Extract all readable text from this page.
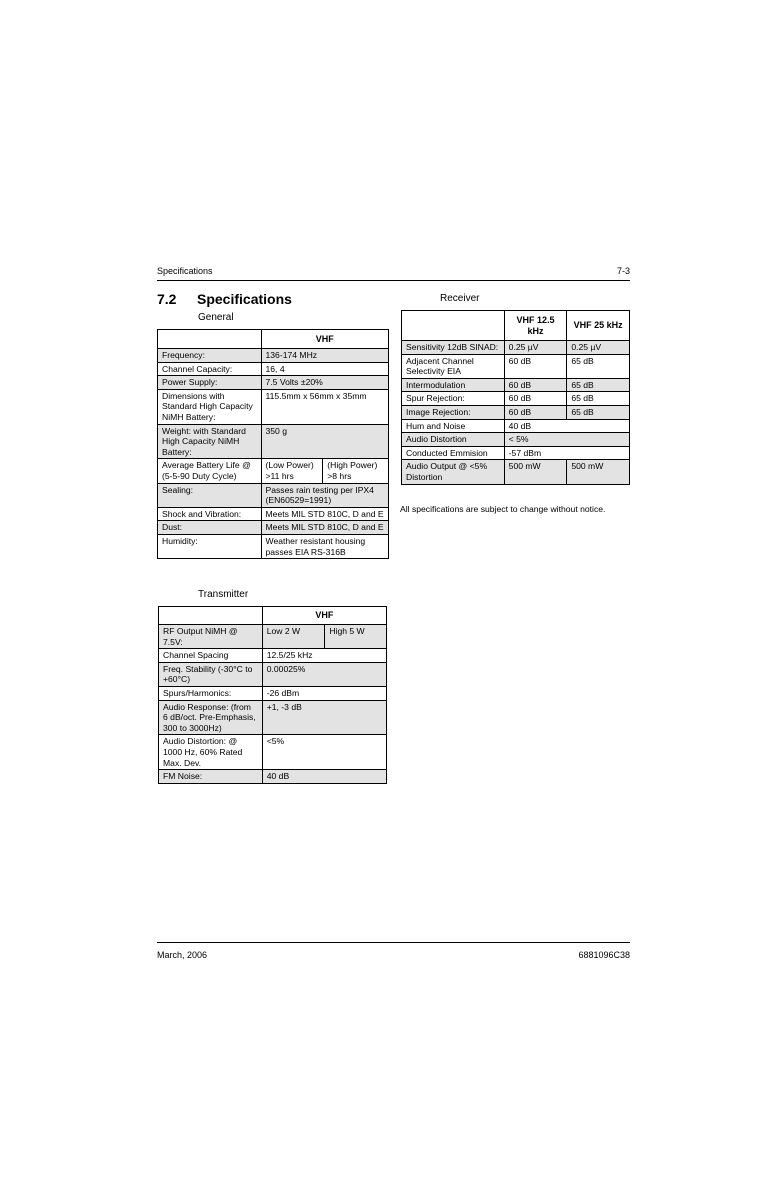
Specifications	7-3
7.2 Specifications
General
	VHF	
Frequency:	136-174 MHz	
Channel Capacity:	16, 4	
Power Supply:	7.5 Volts ±20%	
Dimensions with Standard High Capacity NiMH Battery:	115.5mm x 56mm x 35mm	
Weight: with Standard High Capacity NiMH Battery:	350 g	
Average Battery Life @ (5-5-90 Duty Cycle)	(Low Power) >11 hrs	(High Power) >8 hrs
Sealing:	Passes rain testing per IPX4 (EN60529=1991)	
Shock and Vibration:	Meets MIL STD 810C, D and E	
Dust:	Meets MIL STD 810C, D and E	
Humidity:	Weather resistant housing passes EIA RS-316B	
Transmitter
	VHF	
RF Output NiMH @ 7.5V:	Low 2 W	High 5 W
Channel Spacing	12.5/25 kHz	
Freq. Stability (-30°C to +60°C)	0.00025%	
Spurs/Harmonics:	-26 dBm	
Audio Response: (from 6 dB/oct. Pre-Emphasis, 300 to 3000Hz)	+1, -3 dB	
Audio Distortion: @ 1000 Hz, 60% Rated Max. Dev.	<5%	
FM Noise:	40 dB	
Receiver
	VHF 12.5 kHz	VHF 25 kHz
Sensitivity 12dB SINAD:	0.25 µV	0.25 µV
Adjacent Channel Selectivity EIA	60 dB	65 dB
Intermodulation	60 dB	65 dB
Spur Rejection:	60 dB	65 dB
Image Rejection:	60 dB	65 dB
Hum and Noise	40 dB	
Audio Distortion	< 5%	
Conducted Emmision	-57 dBm	
Audio Output @ <5% Distortion	500 mW	500 mW
All specifications are subject to change without notice.
March, 2006	6881096C38
